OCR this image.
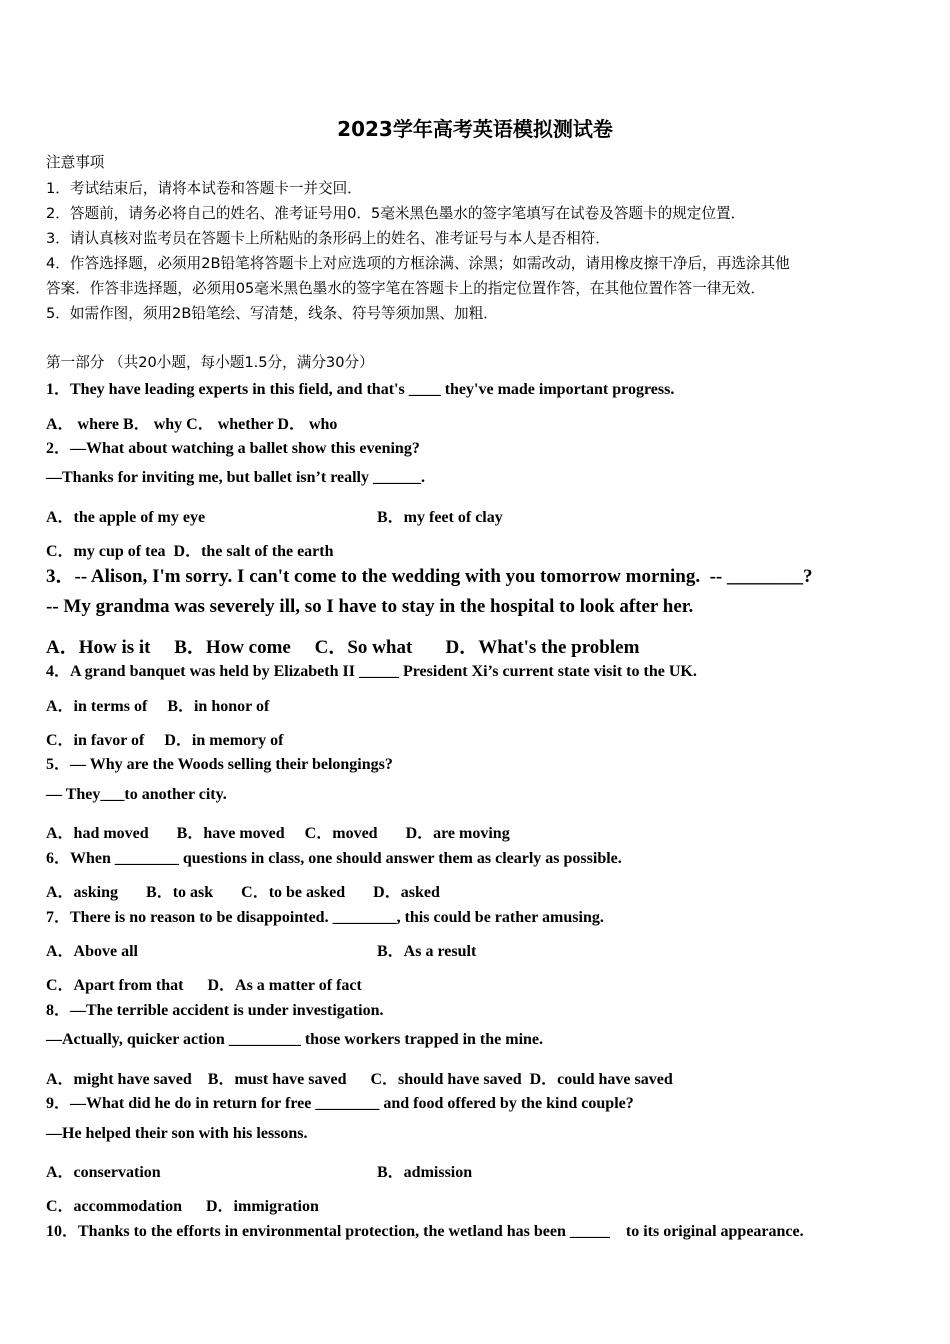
2023学年高考英语模拟测试卷
注意事项
1．考试结束后，请将本试卷和答题卡一并交回．
2．答题前，请务必将自己的姓名、准考证号用0．5毫米黑色墨水的签字笔填写在试卷及答题卡的规定位置．
3．请认真核对监考员在答题卡上所粘贴的条形码上的姓名、准考证号与本人是否相符．
4．作答选择题，必须用2B铅笔将答题卡上对应选项的方框涂满、涂黑；如需改动，请用橡皮擦干净后，再选涂其他
答案．作答非选择题，必须用05毫米黑色墨水的签字笔在答题卡上的指定位置作答，在其他位置作答一律无效．
5．如需作图，须用2B铅笔绘、写清楚，线条、符号等须加黑、加粗．
第一部分 （共20小题，每小题1.5分，满分30分）
1．They have leading experts in this field, and that's ____ they've made important progress.
A． where B． why C． whether D． who
2．—What about watching a ballet show this evening?
—Thanks for inviting me, but ballet isn’t really ______.
A．the apple of my eye	B．my feet of clay
C．my cup of tea  D．the salt of the earth
3．-- Alison, I'm sorry. I can't come to the wedding with you tomorrow morning.  -- ________?
-- My grandma was severely ill, so I have to stay in the hospital to look after her.
A．How is it     B．How come     C．So what       D．What's the problem
4．A grand banquet was held by Elizabeth II _____ President Xi’s current state visit to the UK.
A．in terms of     B．in honor of
C．in favor of     D．in memory of
5．— Why are the Woods selling their belongings?
— They___to another city.
A．had moved       B．have moved     C．moved       D．are moving
6．When ________ questions in class, one should answer them as clearly as possible.
A．asking       B．to ask       C．to be asked       D．asked
7．There is no reason to be disappointed. ________, this could be rather amusing.
A．Above all	B．As a result
C．Apart from that      D．As a matter of fact
8．—The terrible accident is under investigation.
—Actually, quicker action _________ those workers trapped in the mine.
A．might have saved    B．must have saved      C．should have saved  D．could have saved
9．—What did he do in return for free ________ and food offered by the kind couple?
—He helped their son with his lessons.
A．conservation	B．admission
C．accommodation      D．immigration
10．Thanks to the efforts in environmental protection, the wetland has been _____    to its original appearance.
